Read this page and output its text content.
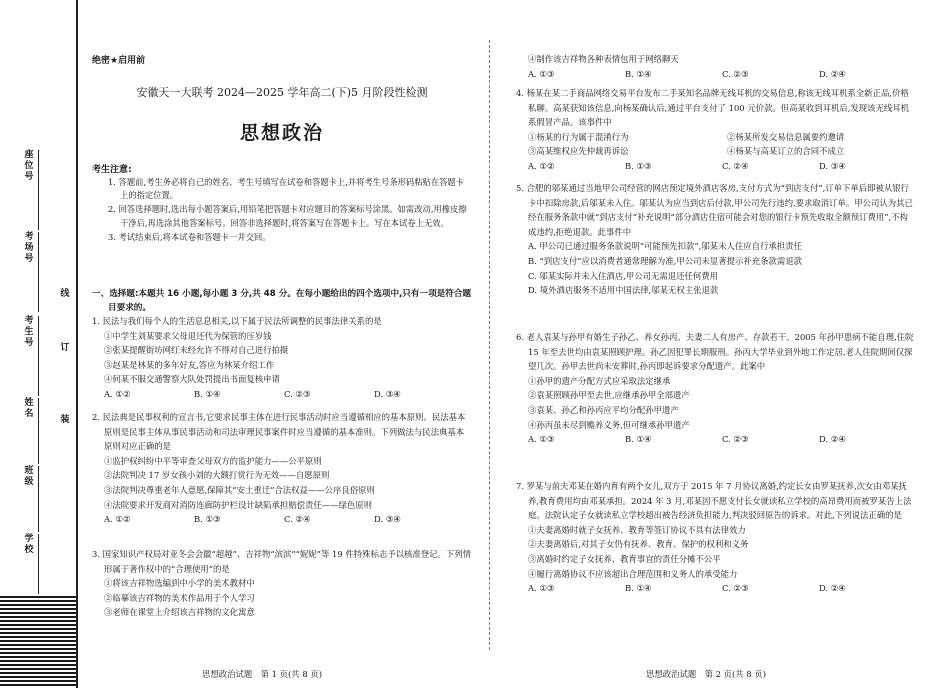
座位号
考场号
考生号
姓名
班级
学校
线
订
装
绝密★启用前
安徽天一大联考 2024—2025 学年高二(下)5 月阶段性检测
思想政治
考生注意:

1. 答题前,考生务必将自己的姓名、考生号填写在试卷和答题卡上,并将考生号条形码粘贴在答题卡上的指定位置。

2. 回答选择题时,选出每小题答案后,用铅笔把答题卡对应题目的答案标号涂黑。如需改动,用橡皮擦干净后,再选涂其他答案标号。回答非选择题时,将答案写在答题卡上。写在本试卷上无效。

3. 考试结束后,将本试卷和答题卡一并交回。

一、选择题:本题共 16 小题,每小题 3 分,共 48 分。在每小题给出的四个选项中,只有一项是符合题目要求的。

1. 民法与我们每个人的生活息息相关,以下属于民法所调整的民事法律关系的是

①中学生刘某要求父母退还代为保管的压岁钱

②张某提醒街坊网红未经允许不得对自己进行拍摄

③赵某是林某的多年好友,答应为林某介绍工作

④何某不服交通警察大队处罚提出书面复核申请

A. ①②	B. ①④	C. ②③	D. ③④

2. 民法典是民事权利的宣言书,它要求民事主体在进行民事活动时应当遵循相应的基本原则。民法基本原则是民事主体从事民事活动和司法审理民事案件时应当遵循的基本准则。下列做法与民法典基本原则对应正确的是

①监护权纠纷中平等审查父母双方的监护能力——公平原则

②法院判决 17 岁女孩小刘的大额打赏行为无效——自愿原则

③法院判决尊重老年人意愿,保障其“安土重迁”合法权益——公序良俗原则

④法院要求开发商对消防连廊防护栏设计缺陷承担赔偿责任——绿色原则

A. ①②	B. ①③	C. ②④	D. ③④

3. 国家知识产权局对亚冬会会徽“超越”、吉祥物“滨滨”“妮妮”等 19 件特殊标志予以核准登记。下列情形属于著作权中的“合理使用”的是

①将该吉祥物选编到中小学的美术教材中

②临摹该吉祥物的美术作品用于个人学习

③老师在课堂上介绍该吉祥物的文化寓意

思想政治试题　第 1 页(共 8 页)

④制作该吉祥物各种表情包用于网络聊天

A. ①③	B. ①④	C. ②③	D. ②④

4. 杨某在某二手商品网络交易平台发布二手某知名品牌无线耳机的交易信息,称该无线耳机系全新正品,价格私聊。高某获知该信息,向杨某确认后,通过平台支付了 100 元价款。但高某收到耳机后,发现该无线耳机系假冒产品。该事件中

①杨某的行为属于混淆行为	②杨某所发交易信息属要约邀请

③高某维权应先仲裁再诉讼	④杨某与高某订立的合同不成立

A. ①②	B. ①③	C. ②④	D. ③④

5. 合肥的邬某通过当地甲公司经营的网店预定境外酒店客房,支付方式为“到店支付”,订单下单后即被从银行卡中扣除房款,后邬某未入住。邬某认为应当到店后付款,甲公司先行违约,要求取消订单。甲公司认为其已经在服务条款中就“到店支付”补充说明“部分酒店住宿可能会对您的银行卡预先收取全额预订费用”,不构成违约,拒绝退款。此事件中

A. 甲公司已通过服务条款说明“可能预先扣款”,邬某未人住应自行承担责任

B. “到店支付”应以消费者通常理解为准,甲公司未显著提示补充条款需退款

C. 邬某实际并未入住酒店,甲公司无需退还任何费用

D. 境外酒店服务不适用中国法律,邬某无权主张退款

6. 老人袁某与孙甲有婚生子孙乙、养女孙丙。夫妻二人有房产、存款若干。2005 年孙甲患病不能自理,住院 15 年至去世均由袁某照顾护理。孙乙因犯罪长期服刑。孙丙大学毕业到外地工作定居,老人住院期间仅探望几次。孙甲去世尚未安葬时,孙丙即起诉要求分配遗产。此案中

①孙甲的遗产分配方式应采取法定继承

②袁某照顾孙甲至去世,应继承孙甲全部遗产

③袁某、孙乙和孙丙应平均分配孙甲遗产

④孙丙虽未尽到赡养义务,但可继承孙甲遗产

A. ①③	B. ①④	C. ②③	D. ②④

7. 罗某与前夫邓某在婚内育有两个女儿,双方于 2015 年 7 月协议离婚,约定长女由罗某抚养,次女由邓某抚养,教育费用均由邓某承担。2024 年 3 月,邓某因不愿支付长女就读私立学校的高昂费用而被罗某告上法庭。法院认定子女就读私立学校超出被告经济负担能力,判决驳回原告的诉求。对此,下列说法正确的是

①夫妻离婚时就子女抚养、教育等签订协议不具有法律效力

②夫妻离婚后,对其子女仍有抚养、教育、保护的权利和义务

③离婚时约定子女抚养、教育事宜的责任分摊不公平

④履行离婚协议不应该超出合理范围和义务人的承受能力

A. ①③	B. ①④	C. ②③	D. ②④

思想政治试题　第 2 页(共 8 页)
